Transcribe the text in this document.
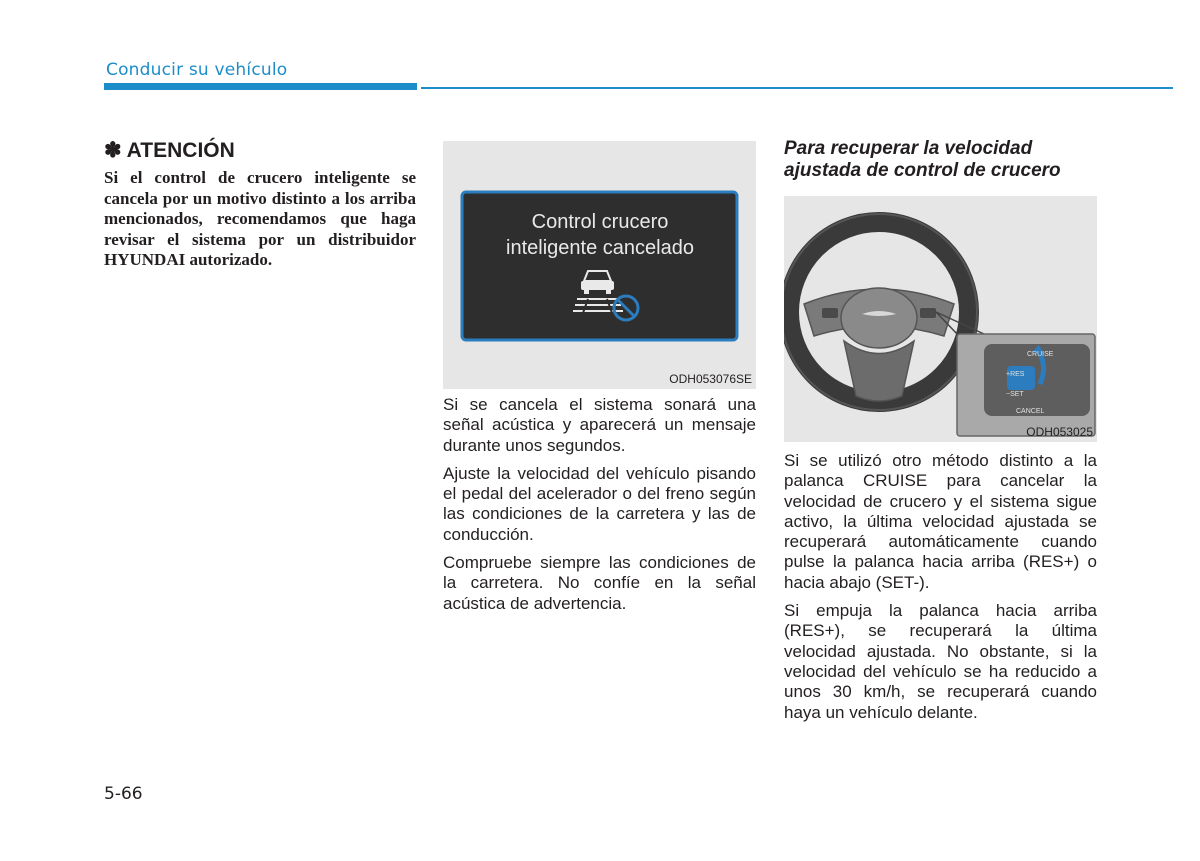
Conducir su vehículo
✽ ATENCIÓN

Si el control de crucero inteligente se cancela por un motivo distinto a los arriba mencionados, recomendamos que haga revisar el sistema por un distribuidor HYUNDAI autorizado.

Control crucero
inteligente cancelado
ODH053076SE

Si se cancela el sistema sonará una señal acústica y aparecerá un mensaje durante unos segundos.

Ajuste la velocidad del vehículo pisando el pedal del acelerador o del freno según las condiciones de la carretera y las de conducción.

Compruebe siempre las condiciones de la carretera. No confíe en la señal acústica de advertencia.

Para recuperar la velocidad ajustada de control de crucero
CRUISE
+RES
−SET
CANCEL
ODH053025

Si se utilizó otro método distinto a la palanca CRUISE para cancelar la velocidad de crucero y el sistema sigue activo, la última velocidad ajustada se recuperará automáticamente cuando pulse la palanca hacia arriba (RES+) o hacia abajo (SET-).

Si empuja la palanca hacia arriba (RES+), se recuperará la última velocidad ajustada. No obstante, si la velocidad del vehículo se ha reducido a unos 30 km/h, se recuperará cuando haya un vehículo delante.

5-66
